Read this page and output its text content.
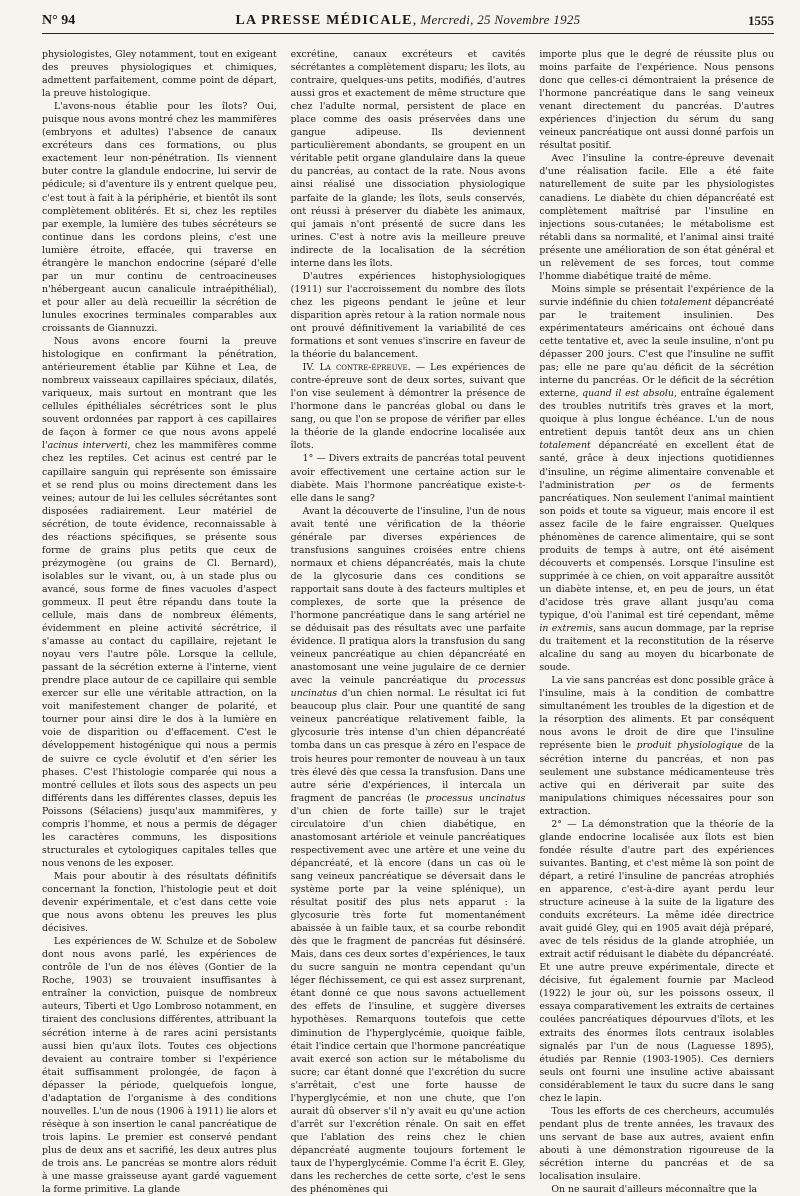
N° 94	LA PRESSE MÉDICALE, Mercredi, 25 Novembre 1925	1555

physiologistes, Gley notamment, tout en exigeant des preuves physiologiques et chimiques, admettent parfaitement, comme point de départ, la preuve histologique.

L'avons-nous établie pour les îlots? Oui, puisque nous avons montré chez les mammifères (embryons et adultes) l'absence de canaux excréteurs dans ces formations, ou plus exactement leur non-pénétration. Ils viennent buter contre la glandule endocrine, lui servir de pédicule; si d'aventure ils y entrent quelque peu, c'est tout à fait à la périphérie, et bientôt ils sont complètement oblitérés. Et si, chez les reptiles par exemple, la lumière des tubes sécréteurs se continue dans les cordons pleins, c'est une lumière étroite, effacée, qui traverse en étrangère le manchon endocrine (séparé d'elle par un mur continu de centroacineuses n'hébergeant aucun canalicule intraépithélial), et pour aller au delà recueillir la sécrétion de lunules exocrines terminales comparables aux croissants de Giannuzzi.

Nous avons encore fourni la preuve histologique en confirmant la pénétration, antérieurement établie par Kühne et Lea, de nombreux vaisseaux capillaires spéciaux, dilatés, variqueux, mais surtout en montrant que les cellules épithéliales sécrétrices sont le plus souvent ordonnées par rapport à ces capillaires de façon à former ce que nous avons appelé l'acinus interverti, chez les mammifères comme chez les reptiles. Cet acinus est centré par le capillaire sanguin qui représente son émissaire et se rend plus ou moins directement dans les veines; autour de lui les cellules sécrétantes sont disposées radiairement. Leur matériel de sécrétion, de toute évidence, reconnaissable à des réactions spécifiques, se présente sous forme de grains plus petits que ceux de prézymogène (ou grains de Cl. Bernard), isolables sur le vivant, ou, à un stade plus ou avancé, sous forme de fines vacuoles d'aspect gommeux. Il peut être répandu dans toute la cellule, mais dans de nombreux éléments, évidemment en pleine activité sécrétrice, il s'amasse au contact du capillaire, rejetant le noyau vers l'autre pôle. Lorsque la cellule, passant de la sécrétion externe à l'interne, vient prendre place autour de ce capillaire qui semble exercer sur elle une véritable attraction, on la voit manifestement changer de polarité, et tourner pour ainsi dire le dos à la lumière en voie de disparition ou d'effacement. C'est le développement histogénique qui nous a permis de suivre ce cycle évolutif et d'en sérier les phases. C'est l'histologie comparée qui nous a montré cellules et îlots sous des aspects un peu différents dans les différentes classes, depuis les Poissons (Sélaciens) jusqu'aux mammifères, y compris l'homme, et nous a permis de dégager les caractères communs, les dispositions structurales et cytologiques capitales telles que nous venons de les exposer.

Mais pour aboutir à des résultats définitifs concernant la fonction, l'histologie peut et doit devenir expérimentale, et c'est dans cette voie que nous avons obtenu les preuves les plus décisives.

Les expériences de W. Schulze et de Sobolew dont nous avons parlé, les expériences de contrôle de l'un de nos élèves (Gontier de la Roche, 1903) se trouvaient insuffisantes à entraîner la conviction, puisque de nombreux auteurs, Tiberti et Ugo Lombroso notamment, en tiraient des conclusions différentes, attribuant la sécrétion interne à de rares acini persistants aussi bien qu'aux îlots. Toutes ces objections devaient au contraire tomber si l'expérience était suffisamment prolongée, de façon à dépasser la période, quelquefois longue, d'adaptation de l'organisme à des conditions nouvelles. L'un de nous (1906 à 1911) lie alors et résèque à son insertion le canal pancréatique de trois lapins. Le premier est conservé pendant plus de deux ans et sacrifié, les deux autres plus de trois ans. Le pancréas se montre alors réduit à une masse graisseuse ayant gardé vaguement la forme primitive. La glande

excrétine, canaux excréteurs et cavités sécrétantes a complètement disparu; les îlots, au contraire, quelques-uns petits, modifiés, d'autres aussi gros et exactement de même structure que chez l'adulte normal, persistent de place en place comme des oasis préservées dans une gangue adipeuse. Ils deviennent particulièrement abondants, se groupent en un véritable petit organe glandulaire dans la queue du pancréas, au contact de la rate. Nous avons ainsi réalisé une dissociation physiologique parfaite de la glande; les îlots, seuls conservés, ont réussi à préserver du diabète les animaux, qui jamais n'ont présenté de sucre dans les urines. C'est à notre avis la meilleure preuve indirecte de la localisation de la sécrétion interne dans les îlots.

D'autres expériences histophysiologiques (1911) sur l'accroissement du nombre des îlots chez les pigeons pendant le jeûne et leur disparition après retour à la ration normale nous ont prouvé définitivement la variabilité de ces formations et sont venues s'inscrire en faveur de la théorie du balancement.

IV. La contre-épreuve. — Les expériences de contre-épreuve sont de deux sortes, suivant que l'on vise seulement à démontrer la présence de l'hormone dans le pancréas global ou dans le sang, ou que l'on se propose de vérifier par elles la théorie de la glande endocrine localisée aux îlots.

1° — Divers extraits de pancréas total peuvent avoir effectivement une certaine action sur le diabète. Mais l'hormone pancréatique existe-t-elle dans le sang?

Avant la découverte de l'insuline, l'un de nous avait tenté une vérification de la théorie générale par diverses expériences de transfusions sanguines croisées entre chiens normaux et chiens dépancréatés, mais la chute de la glycosurie dans ces conditions se rapportait sans doute à des facteurs multiples et complexes, de sorte que la présence de l'hormone pancréatique dans le sang artériel ne se déduisait pas des résultats avec une parfaite évidence. Il pratiqua alors la transfusion du sang veineux pancréatique au chien dépancréaté en anastomosant une veine jugulaire de ce dernier avec la veinule pancréatique du processus uncinatus d'un chien normal. Le résultat ici fut beaucoup plus clair. Pour une quantité de sang veineux pancréatique relativement faible, la glycosurie très intense d'un chien dépancréaté tomba dans un cas presque à zéro en l'espace de trois heures pour remonter de nouveau à un taux très élevé dès que cessa la transfusion. Dans une autre série d'expériences, il intercala un fragment de pancréas (le processus uncinatus d'un chien de forte taille) sur le trajet circulatoire d'un chien diabétique, en anastomosant artériole et veinule pancréatiques respectivement avec une artère et une veine du dépancréaté, et là encore (dans un cas où le sang veineux pancréatique se déversait dans le système porte par la veine splénique), un résultat positif des plus nets apparut : la glycosurie très forte fut momentanément abaissée à un faible taux, et sa courbe rebondit dès que le fragment de pancréas fut désinséré. Mais, dans ces deux sortes d'expériences, le taux du sucre sanguin ne montra cependant qu'un léger fléchissement, ce qui est assez surprenant, étant donné ce que nous savons actuellement des effets de l'insuline, et suggère diverses hypothèses. Remarquons toutefois que cette diminution de l'hyperglycémie, quoique faible, était l'indice certain que l'hormone pancréatique avait exercé son action sur le métabolisme du sucre; car étant donné que l'excrétion du sucre s'arrêtait, c'est une forte hausse de l'hyperglycémie, et non une chute, que l'on aurait dû observer s'il n'y avait eu qu'une action d'arrêt sur l'excrétion rénale. On sait en effet que l'ablation des reins chez le chien dépancréaté augmente toujours fortement le taux de l'hyperglycémie. Comme l'a écrit E. Gley, dans les recherches de cette sorte, c'est le sens des phénomènes qui

importe plus que le degré de réussite plus ou moins parfaite de l'expérience. Nous pensons donc que celles-ci démontraient la présence de l'hormone pancréatique dans le sang veineux venant directement du pancréas. D'autres expériences d'injection du sérum du sang veineux pancréatique ont aussi donné parfois un résultat positif.

Avec l'insuline la contre-épreuve devenait d'une réalisation facile. Elle a été faite naturellement de suite par les physiologistes canadiens. Le diabète du chien dépancréaté est complètement maîtrisé par l'insuline en injections sous-cutanées; le métabolisme est rétabli dans sa normalité, et l'animal ainsi traité présente une amélioration de son état général et un relèvement de ses forces, tout comme l'homme diabétique traité de même.

Moins simple se présentait l'expérience de la survie indéfinie du chien totalement dépancréaté par le traitement insulinien. Des expérimentateurs américains ont échoué dans cette tentative et, avec la seule insuline, n'ont pu dépasser 200 jours. C'est que l'insuline ne suffit pas; elle ne pare qu'au déficit de la sécrétion interne du pancréas. Or le déficit de la sécrétion externe, quand il est absolu, entraîne également des troubles nutritifs très graves et la mort, quoique à plus longue échéance. L'un de nous entretient depuis tantôt deux ans un chien totalement dépancréaté en excellent état de santé, grâce à deux injections quotidiennes d'insuline, un régime alimentaire convenable et l'administration per os de ferments pancréatiques. Non seulement l'animal maintient son poids et toute sa vigueur, mais encore il est assez facile de le faire engraisser. Quelques phénomènes de carence alimentaire, qui se sont produits de temps à autre, ont été aisément découverts et compensés. Lorsque l'insuline est supprimée à ce chien, on voit apparaître aussitôt un diabète intense, et, en peu de jours, un état d'acidose très grave allant jusqu'au coma typique, d'où l'animal est tiré cependant, même in extremis, sans aucun dommage, par la reprise du traitement et la reconstitution de la réserve alcaline du sang au moyen du bicarbonate de soude.

La vie sans pancréas est donc possible grâce à l'insuline, mais à la condition de combattre simultanément les troubles de la digestion et de la résorption des aliments. Et par conséquent nous avons le droit de dire que l'insuline représente bien le produit physiologique de la sécrétion interne du pancréas, et non pas seulement une substance médicamenteuse très active qui en dériverait par suite des manipulations chimiques nécessaires pour son extraction.

2° — La démonstration que la théorie de la glande endocrine localisée aux îlots est bien fondée résulte d'autre part des expériences suivantes. Banting, et c'est même là son point de départ, a retiré l'insuline de pancréas atrophiés en apparence, c'est-à-dire ayant perdu leur structure acineuse à la suite de la ligature des conduits excréteurs. La même idée directrice avait guidé Gley, qui en 1905 avait déjà préparé, avec de tels résidus de la glande atrophiée, un extrait actif réduisant le diabète du dépancréaté. Et une autre preuve expérimentale, directe et décisive, fut également fournie par Macleod (1922) le jour où, sur les poissons osseux, il essaya comparativement les extraits de certaines coulées pancréatiques dépourvues d'îlots, et les extraits des énormes îlots centraux isolables signalés par l'un de nous (Laguesse 1895), étudiés par Rennie (1903-1905). Ces derniers seuls ont fourni une insuline active abaissant considérablement le taux du sucre dans le sang chez le lapin.

Tous les efforts de ces chercheurs, accumulés pendant plus de trente années, les travaux des uns servant de base aux autres, avaient enfin abouti à une démonstration rigoureuse de la sécrétion interne du pancréas et de sa localisation insulaire.

On ne saurait d'ailleurs méconnaître que la
